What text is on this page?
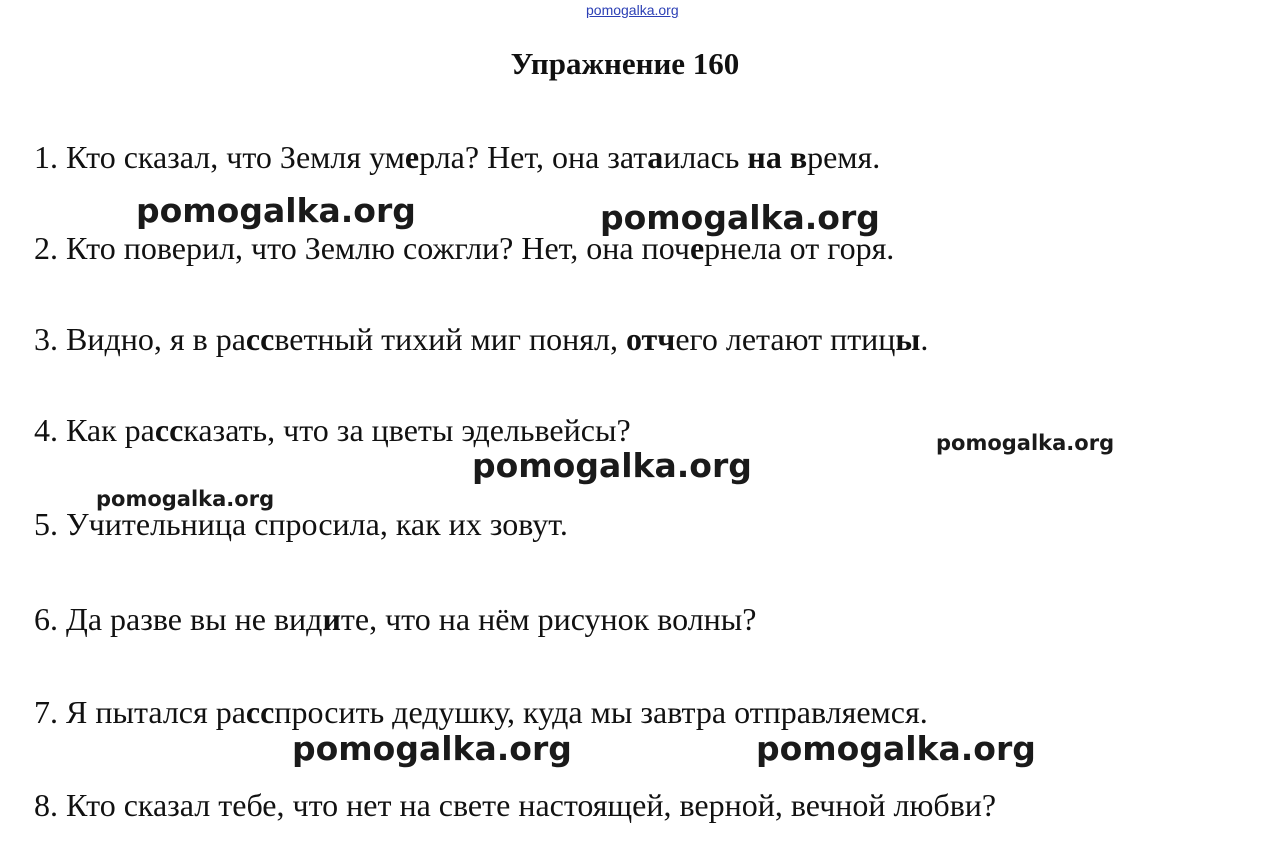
pomogalka.org
Упражнение 160
1. Кто сказал, что Земля умерла? Нет, она затаилась на время.
2. Кто поверил, что Землю сожгли? Нет, она почернела от горя.
3. Видно, я в рассветный тихий миг понял, отчего летают птицы.
4. Как рассказать, что за цветы эдельвейсы?
5. Учительница спросила, как их зовут.
6. Да разве вы не видите, что на нём рисунок волны?
7. Я пытался расспросить дедушку, куда мы завтра отправляемся.
8. Кто сказал тебе, что нет на свете настоящей, верной, вечной любви?
pomogalka.org	pomogalka.org
pomogalka.org
pomogalka.org
pomogalka.org
pomogalka.org	pomogalka.org
